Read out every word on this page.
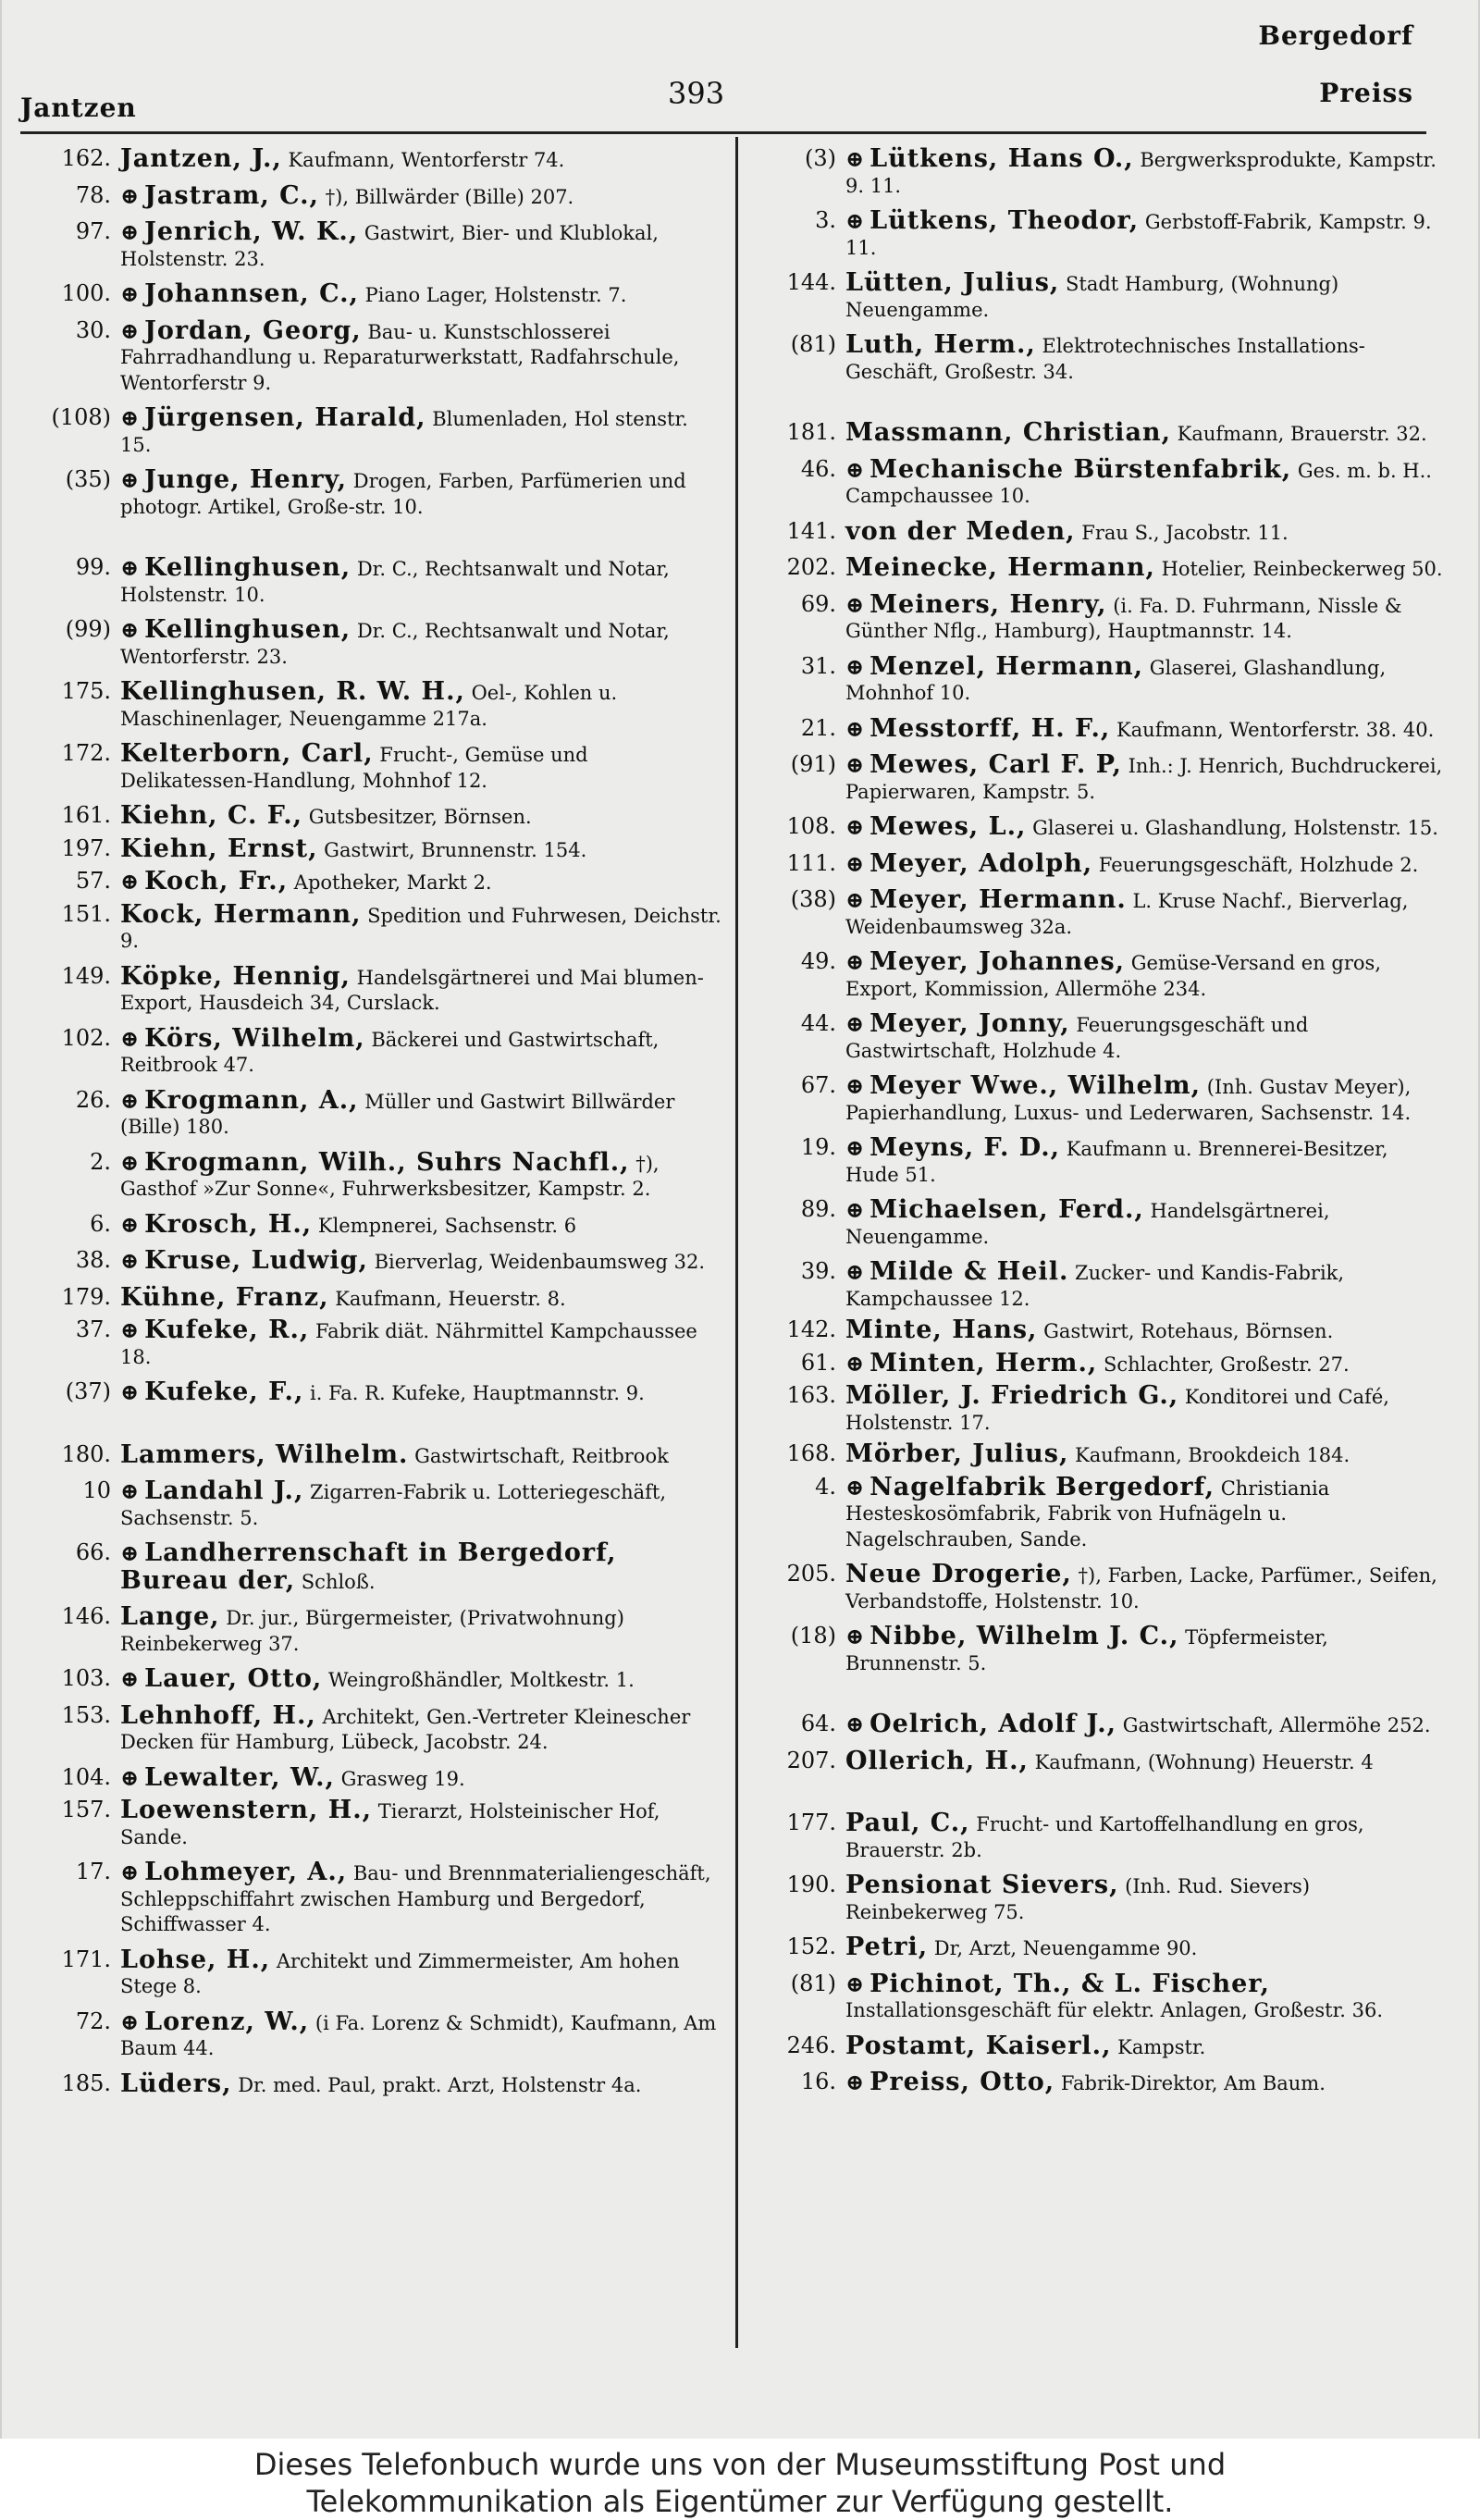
Jantzen	393
Bergedorf
Preiss
162. Jantzen, J., Kaufmann, Wentorferstr 74.
78. ⊕ Jastram, C., †), Billwärder (Bille) 207.
97. ⊕ Jenrich, W. K., Gastwirt, Bier- und Klublokal, Holstenstr. 23.
100. ⊕ Johannsen, C., Piano Lager, Holstenstr. 7.
30. ⊕ Jordan, Georg, Bau- u. Kunstschlosserei Fahrradhandlung u. Reparaturwerkstatt, Radfahrschule, Wentorferstr 9.
(108) ⊕ Jürgensen, Harald, Blumenladen, Hol stenstr. 15.
(35) ⊕ Junge, Henry, Drogen, Farben, Parfümerien und photogr. Artikel, Große-str. 10.
99. ⊕ Kellinghusen, Dr. C., Rechtsanwalt und Notar, Holstenstr. 10.
(99) ⊕ Kellinghusen, Dr. C., Rechtsanwalt und Notar, Wentorferstr. 23.
175. Kellinghusen, R. W. H., Oel-, Kohlen u. Maschinenlager, Neuengamme 217a.
172. Kelterborn, Carl, Frucht-, Gemüse und Delikatessen-Handlung, Mohnhof 12.
161. Kiehn, C. F., Gutsbesitzer, Börnsen.
197. Kiehn, Ernst, Gastwirt, Brunnenstr. 154.
57. ⊕ Koch, Fr., Apotheker, Markt 2.
151. Kock, Hermann, Spedition und Fuhrwesen, Deichstr. 9.
149. Köpke, Hennig, Handelsgärtnerei und Mai blumen-Export, Hausdeich 34, Curslack.
102. ⊕ Körs, Wilhelm, Bäckerei und Gastwirtschaft, Reitbrook 47.
26. ⊕ Krogmann, A., Müller und Gastwirt Billwärder (Bille) 180.
2. ⊕ Krogmann, Wilh., Suhrs Nachfl., †), Gasthof »Zur Sonne«, Fuhrwerksbesitzer, Kampstr. 2.
6. ⊕ Krosch, H., Klempnerei, Sachsenstr. 6
38. ⊕ Kruse, Ludwig, Bierverlag, Weidenbaumsweg 32.
179. Kühne, Franz, Kaufmann, Heuerstr. 8.
37. ⊕ Kufeke, R., Fabrik diät. Nährmittel Kampchaussee 18.
(37) ⊕ Kufeke, F., i. Fa. R. Kufeke, Hauptmannstr. 9.
180. Lammers, Wilhelm. Gastwirtschaft, Reitbrook
10 ⊕ Landahl J., Zigarren-Fabrik u. Lotteriegeschäft, Sachsenstr. 5.
66. ⊕ Landherrenschaft in Bergedorf, Bureau der, Schloß.
146. Lange, Dr. jur., Bürgermeister, (Privatwohnung) Reinbekerweg 37.
103. ⊕ Lauer, Otto, Weingroßhändler, Moltkestr. 1.
153. Lehnhoff, H., Architekt, Gen.-Vertreter Kleinescher Decken für Hamburg, Lübeck, Jacobstr. 24.
104. ⊕ Lewalter, W., Grasweg 19.
157. Loewenstern, H., Tierarzt, Holsteinischer Hof, Sande.
17. ⊕ Lohmeyer, A., Bau- und Brennmaterialiengeschäft, Schleppschiffahrt zwischen Hamburg und Bergedorf, Schiffwasser 4.
171. Lohse, H., Architekt und Zimmermeister, Am hohen Stege 8.
72. ⊕ Lorenz, W., (i Fa. Lorenz & Schmidt), Kaufmann, Am Baum 44.
185. Lüders, Dr. med. Paul, prakt. Arzt, Holstenstr 4a.
(3) ⊕ Lütkens, Hans O., Bergwerksprodukte, Kampstr. 9. 11.
3. ⊕ Lütkens, Theodor, Gerbstoff-Fabrik, Kampstr. 9. 11.
144. Lütten, Julius, Stadt Hamburg, (Wohnung) Neuengamme.
(81) Luth, Herm., Elektrotechnisches Installations-Geschäft, Großestr. 34.
181. Massmann, Christian, Kaufmann, Brauerstr. 32.
46. ⊕ Mechanische Bürstenfabrik, Ges. m. b. H.. Campchaussee 10.
141. von der Meden, Frau S., Jacobstr. 11.
202. Meinecke, Hermann, Hotelier, Reinbeckerweg 50.
69. ⊕ Meiners, Henry, (i. Fa. D. Fuhrmann, Nissle & Günther Nflg., Hamburg), Hauptmannstr. 14.
31. ⊕ Menzel, Hermann, Glaserei, Glashandlung, Mohnhof 10.
21. ⊕ Messtorff, H. F., Kaufmann, Wentorferstr. 38. 40.
(91) ⊕ Mewes, Carl F. P, Inh.: J. Henrich, Buchdruckerei, Papierwaren, Kampstr. 5.
108. ⊕ Mewes, L., Glaserei u. Glashandlung, Holstenstr. 15.
111. ⊕ Meyer, Adolph, Feuerungsgeschäft, Holzhude 2.
(38) ⊕ Meyer, Hermann. L. Kruse Nachf., Bierverlag, Weidenbaumsweg 32a.
49. ⊕ Meyer, Johannes, Gemüse-Versand en gros, Export, Kommission, Allermöhe 234.
44. ⊕ Meyer, Jonny, Feuerungsgeschäft und Gastwirtschaft, Holzhude 4.
67. ⊕ Meyer Wwe., Wilhelm, (Inh. Gustav Meyer), Papierhandlung, Luxus- und Lederwaren, Sachsenstr. 14.
19. ⊕ Meyns, F. D., Kaufmann u. Brennerei-Besitzer, Hude 51.
89. ⊕ Michaelsen, Ferd., Handelsgärtnerei, Neuengamme.
39. ⊕ Milde & Heil. Zucker- und Kandis-Fabrik, Kampchaussee 12.
142. Minte, Hans, Gastwirt, Rotehaus, Börnsen.
61. ⊕ Minten, Herm., Schlachter, Großestr. 27.
163. Möller, J. Friedrich G., Konditorei und Café, Holstenstr. 17.
168. Mörber, Julius, Kaufmann, Brookdeich 184.
4. ⊕ Nagelfabrik Bergedorf, Christiania Hesteskosömfabrik, Fabrik von Hufnägeln u. Nagelschrauben, Sande.
205. Neue Drogerie, †), Farben, Lacke, Parfümer., Seifen, Verbandstoffe, Holstenstr. 10.
(18) ⊕ Nibbe, Wilhelm J. C., Töpfermeister, Brunnenstr. 5.
64. ⊕ Oelrich, Adolf J., Gastwirtschaft, Allermöhe 252.
207. Ollerich, H., Kaufmann, (Wohnung) Heuerstr. 4
177. Paul, C., Frucht- und Kartoffelhandlung en gros, Brauerstr. 2b.
190. Pensionat Sievers, (Inh. Rud. Sievers) Reinbekerweg 75.
152. Petri, Dr, Arzt, Neuengamme 90.
(81) ⊕ Pichinot, Th., & L. Fischer, Installationsgeschäft für elektr. Anlagen, Großestr. 36.
246. Postamt, Kaiserl., Kampstr.
16. ⊕ Preiss, Otto, Fabrik-Direktor, Am Baum.
Dieses Telefonbuch wurde uns von der Museumsstiftung Post und
Telekommunikation als Eigentümer zur Verfügung gestellt.
